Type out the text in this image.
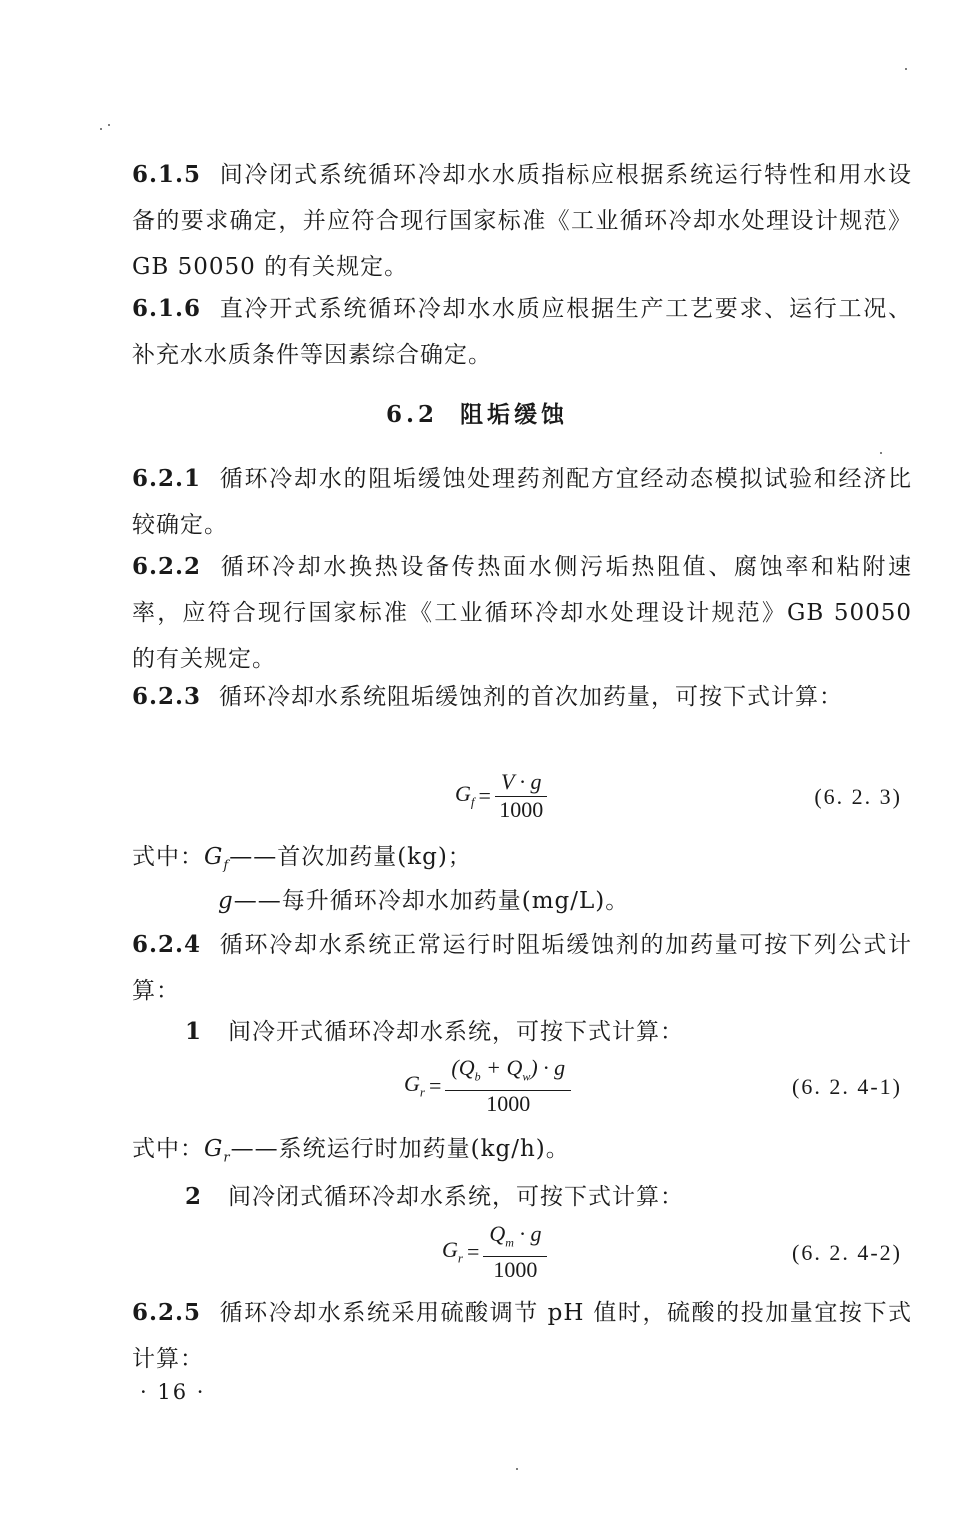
6.1.5 间冷闭式系统循环冷却水水质指标应根据系统运行特性和用水设备的要求确定，并应符合现行国家标准《工业循环冷却水处理设计规范》GB 50050 的有关规定。
6.1.6 直冷开式系统循环冷却水水质应根据生产工艺要求、运行工况、补充水水质条件等因素综合确定。
6.2 阻垢缓蚀
6.2.1 循环冷却水的阻垢缓蚀处理药剂配方宜经动态模拟试验和经济比较确定。
6.2.2 循环冷却水换热设备传热面水侧污垢热阻值、腐蚀率和粘附速率，应符合现行国家标准《工业循环冷却水处理设计规范》GB 50050 的有关规定。
6.2.3 循环冷却水系统阻垢缓蚀剂的首次加药量，可按下式计算：
$G_f = \frac{V \cdot g}{1000}$	(6. 2. 3)
式中：$G_f——$首次加药量(kg)；
g——每升循环冷却水加药量(mg/L)。
6.2.4 循环冷却水系统正常运行时阻垢缓蚀剂的加药量可按下列公式计算：
1 间冷开式循环冷却水系统，可按下式计算：
$G_r = \frac{(Q_b + Q_w) \cdot g}{1000}$	(6. 2. 4-1)
式中：$G_r——$系统运行时加药量(kg/h)。
2 间冷闭式循环冷却水系统，可按下式计算：
$G_r = \frac{Q_m \cdot g}{1000}$	(6. 2. 4-2)
6.2.5 循环冷却水系统采用硫酸调节 pH 值时，硫酸的投加量宜按下式计算：
· 16 ·
